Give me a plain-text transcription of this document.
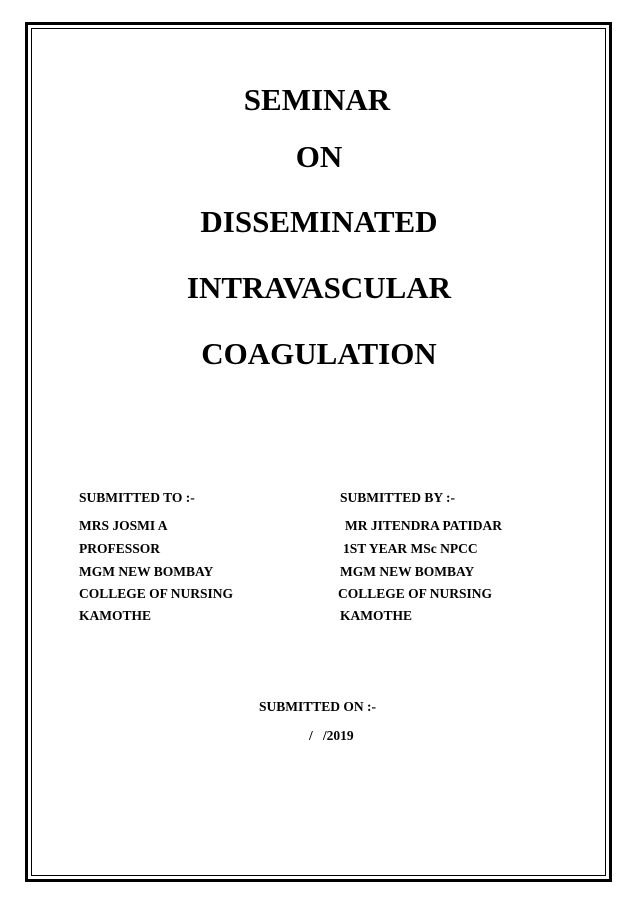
SEMINAR
ON
DISSEMINATED
INTRAVASCULAR
COAGULATION
SUBMITTED TO :-
MRS JOSMI A
PROFESSOR
MGM NEW BOMBAY
COLLEGE OF NURSING
KAMOTHE
SUBMITTED BY :-
MR JITENDRA PATIDAR
1ST YEAR MSc NPCC
MGM NEW BOMBAY
COLLEGE OF NURSING
KAMOTHE
SUBMITTED ON :-
/   /2019
